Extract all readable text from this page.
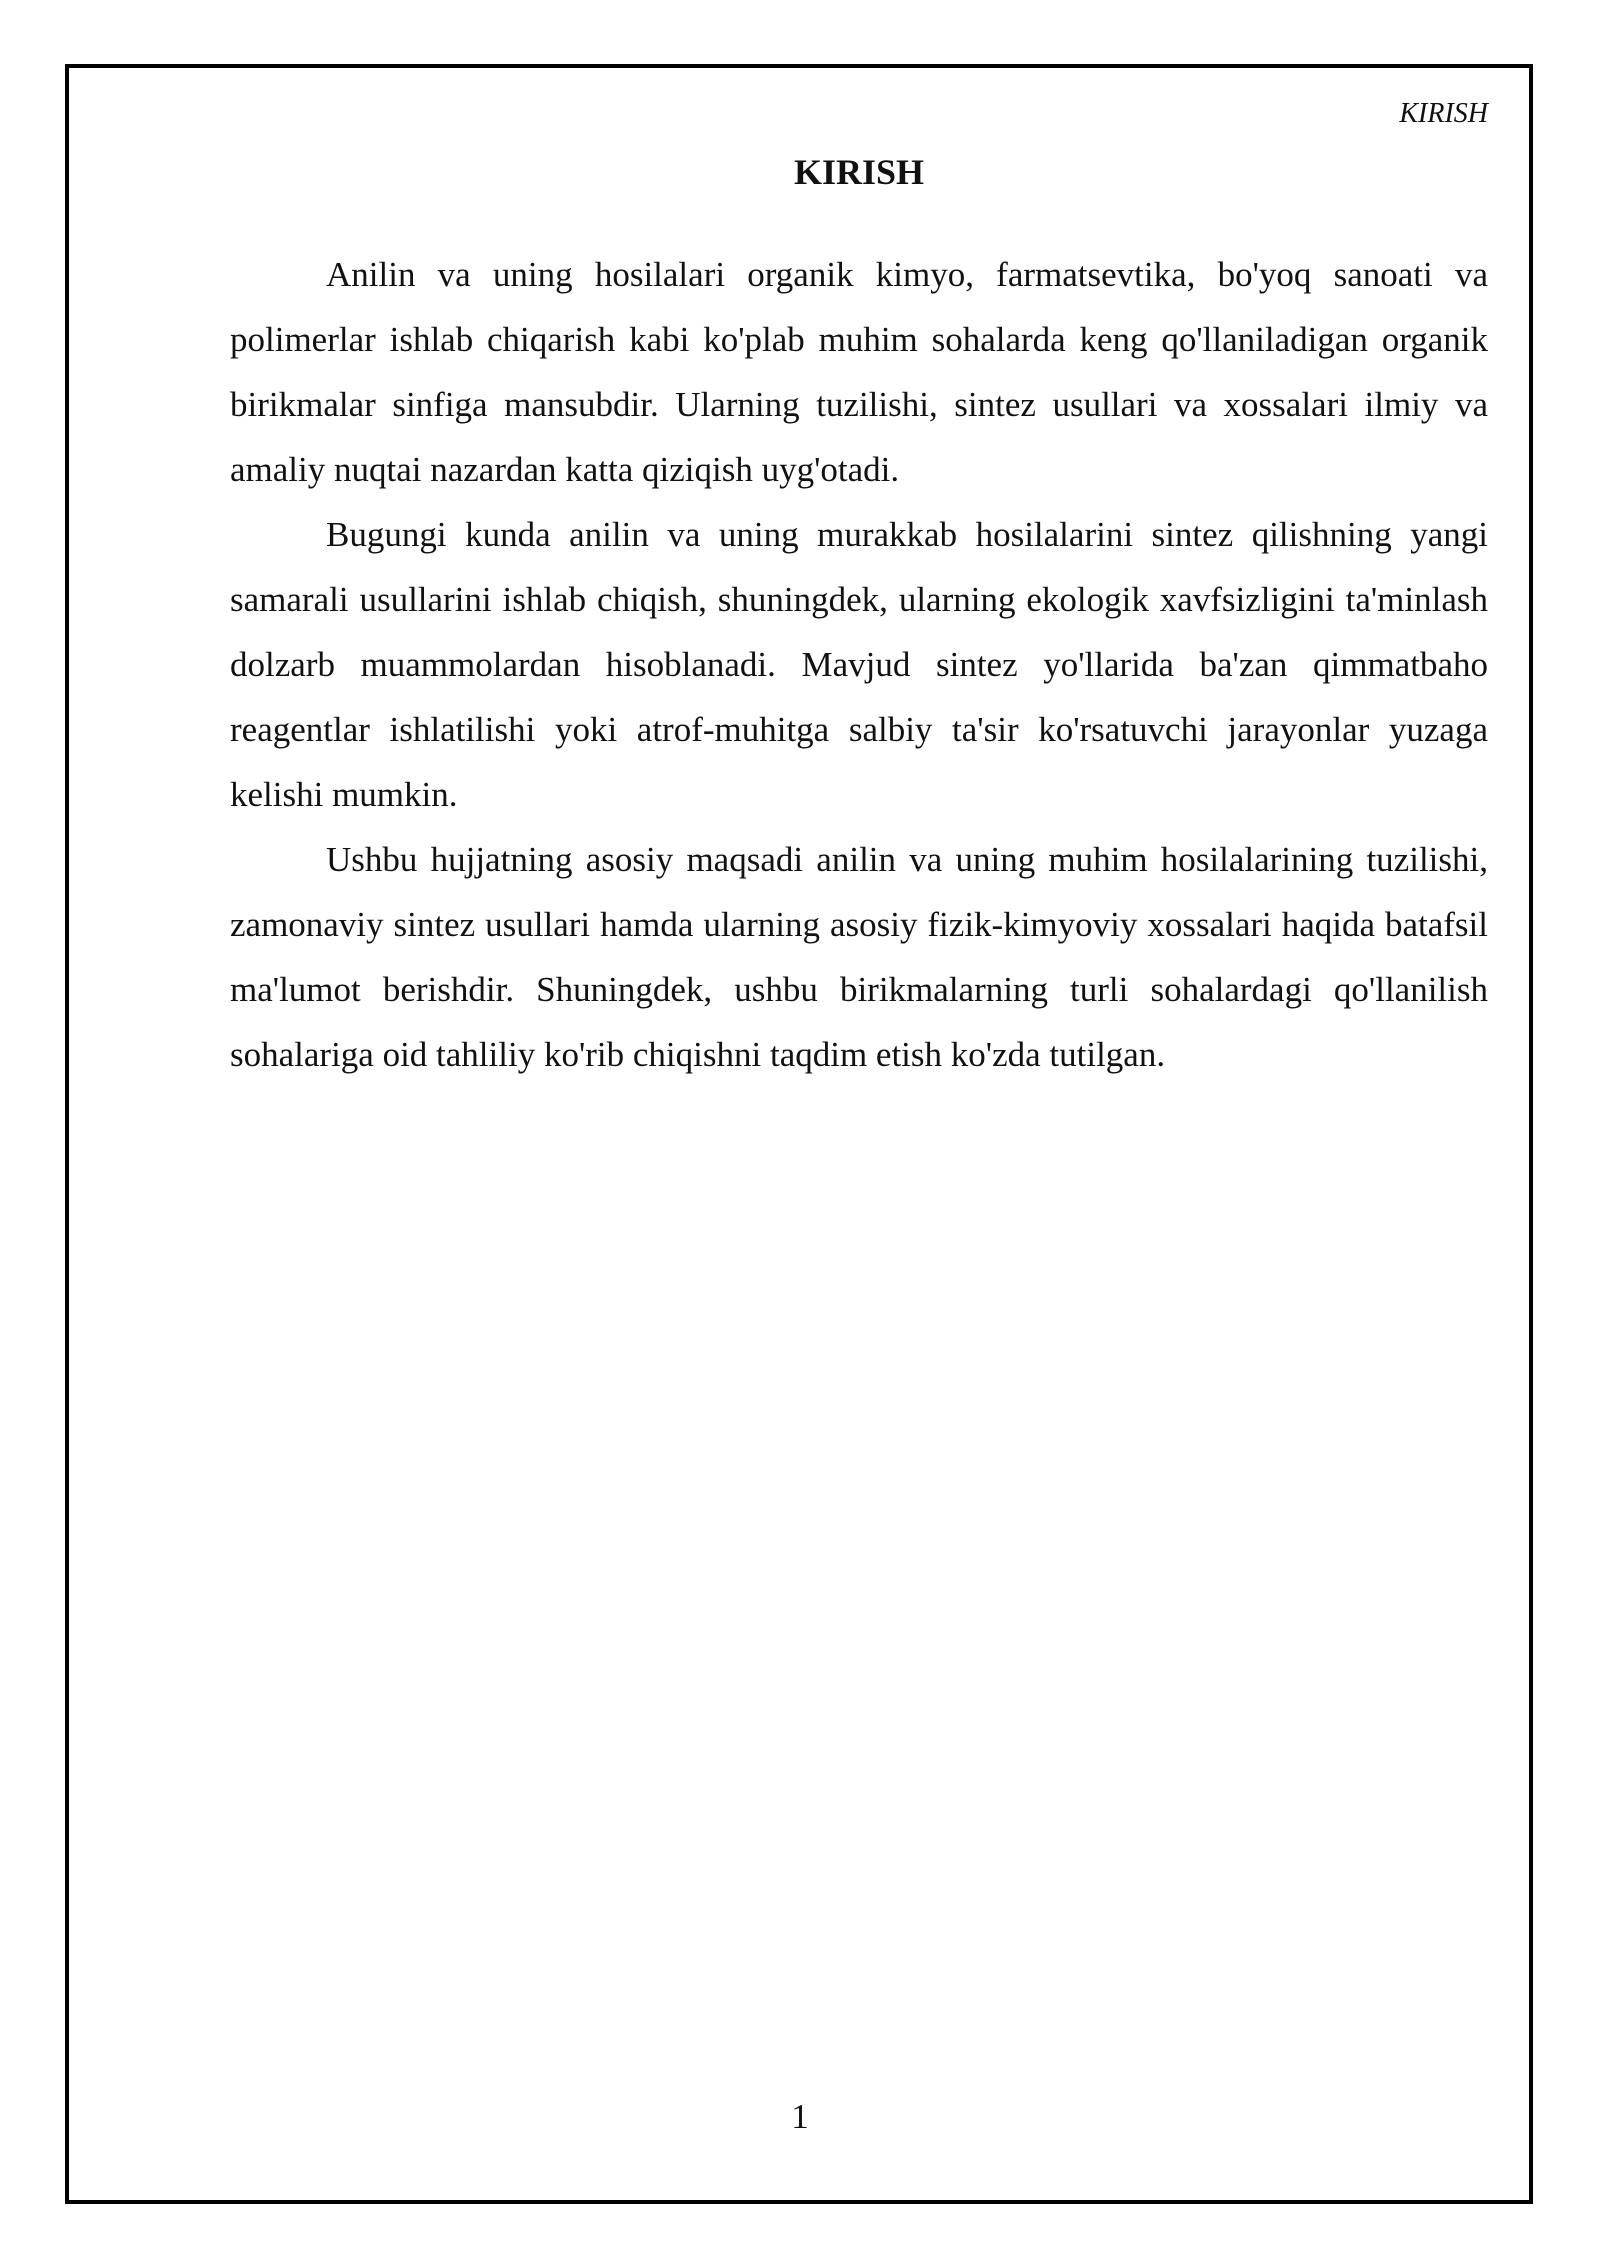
KIRISH
KIRISH

Anilin va uning hosilalari organik kimyo, farmatsevtika, bo'yoq sanoati va polimerlar ishlab chiqarish kabi ko'plab muhim sohalarda keng qo'llaniladigan organik birikmalar sinfiga mansubdir. Ularning tuzilishi, sintez usullari va xossalari ilmiy va amaliy nuqtai nazardan katta qiziqish uyg'otadi.

Bugungi kunda anilin va uning murakkab hosilalarini sintez qilishning yangi samarali usullarini ishlab chiqish, shuningdek, ularning ekologik xavfsizligini ta'minlash dolzarb muammolardan hisoblanadi. Mavjud sintez yo'llarida ba'zan qimmatbaho reagentlar ishlatilishi yoki atrof-muhitga salbiy ta'sir ko'rsatuvchi jarayonlar yuzaga kelishi mumkin.

Ushbu hujjatning asosiy maqsadi anilin va uning muhim hosilalarining tuzilishi, zamonaviy sintez usullari hamda ularning asosiy fizik-kimyoviy xossalari haqida batafsil ma'lumot berishdir. Shuningdek, ushbu birikmalarning turli sohalardagi qo'llanilish sohalariga oid tahliliy ko'rib chiqishni taqdim etish ko'zda tutilgan.

1
